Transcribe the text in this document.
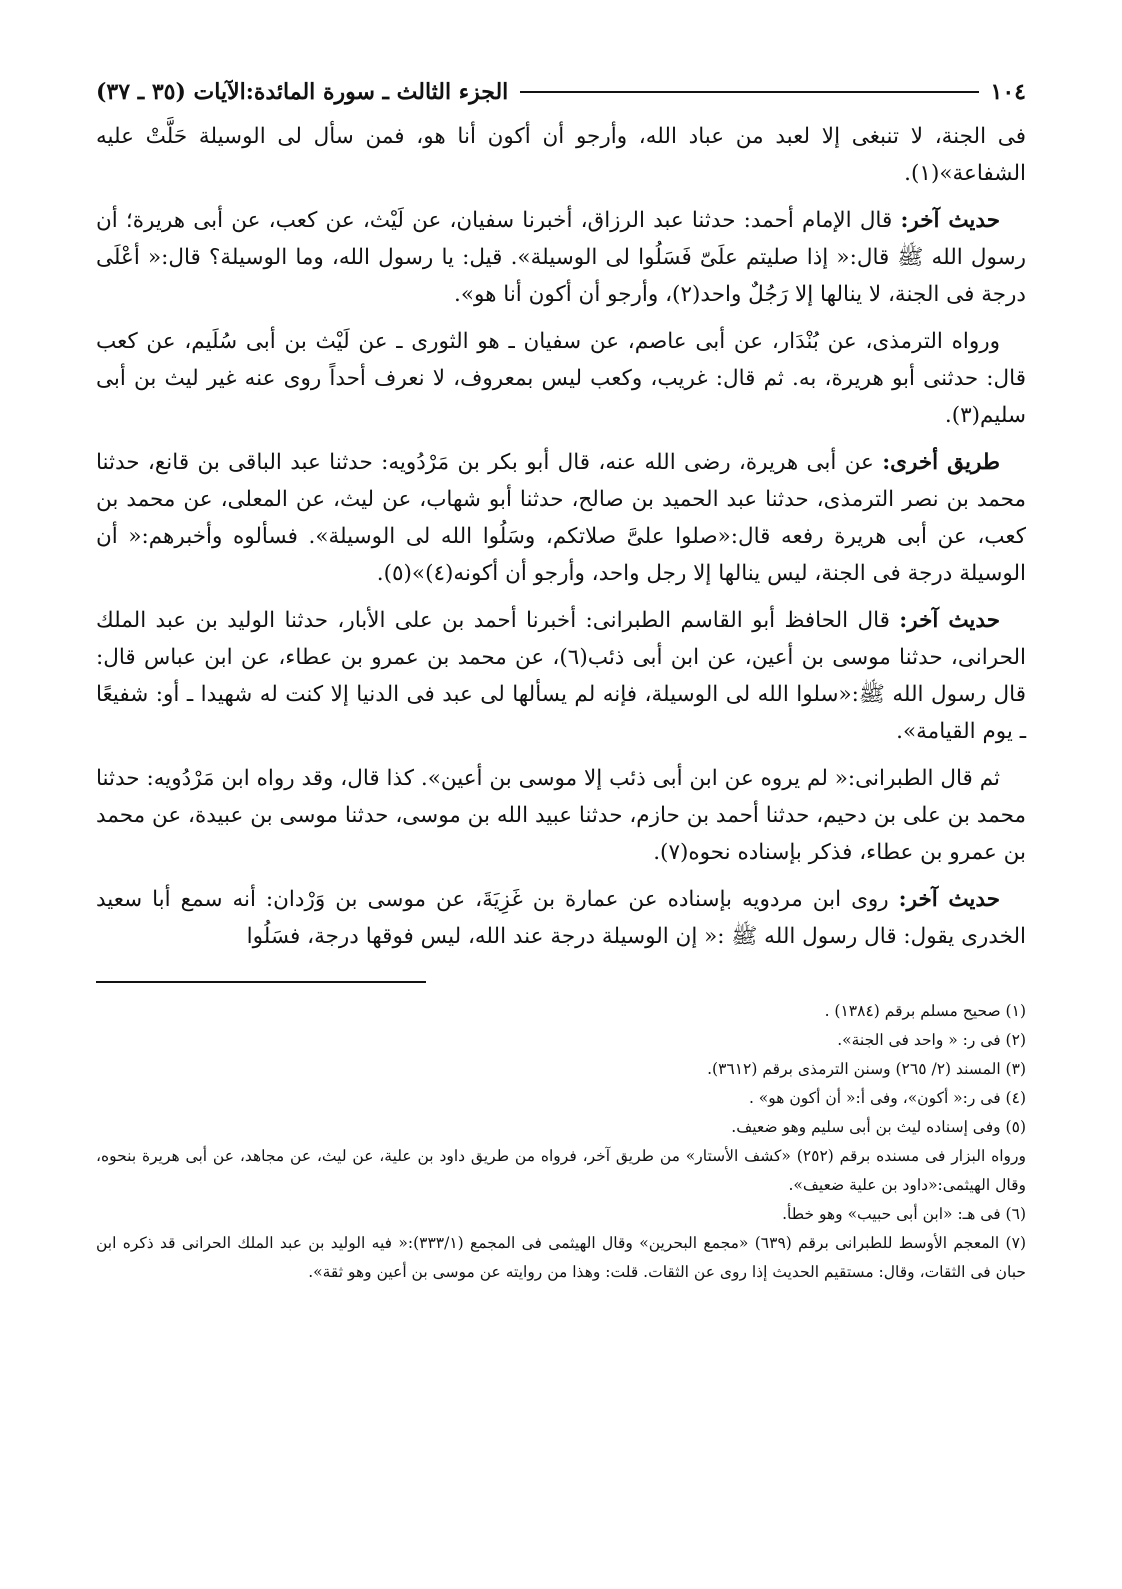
١٠٤
الجزء الثالث ـ سورة المائدة:الآيات (٣٥ ـ ٣٧)

فى الجنة، لا تنبغى إلا لعبد من عباد الله، وأرجو أن أكون أنا هو، فمن سأل لى الوسيلة حَلَّتْ عليه الشفاعة»(١).

حديث آخر: قال الإمام أحمد: حدثنا عبد الرزاق، أخبرنا سفيان، عن لَيْث، عن كعب، عن أبى هريرة؛ أن رسول الله ﷺ قال:« إذا صليتم علَىّ فَسَلُوا لى الوسيلة». قيل: يا رسول الله، وما الوسيلة؟ قال:« أعْلَى درجة فى الجنة، لا ينالها إلا رَجُلٌ واحد(٢)، وأرجو أن أكون أنا هو».

ورواه الترمذى، عن بُنْدَار، عن أبى عاصم، عن سفيان ـ هو الثورى ـ عن لَيْث بن أبى سُلَيم، عن كعب قال: حدثنى أبو هريرة، به. ثم قال: غريب، وكعب ليس بمعروف، لا نعرف أحداً روى عنه غير ليث بن أبى سليم(٣).

طريق أخرى: عن أبى هريرة، رضى الله عنه، قال أبو بكر بن مَرْدُويه: حدثنا عبد الباقى بن قانع، حدثنا محمد بن نصر الترمذى، حدثنا عبد الحميد بن صالح، حدثنا أبو شهاب، عن ليث، عن المعلى، عن محمد بن كعب، عن أبى هريرة رفعه قال:«صلوا علىَّ صلاتكم، وسَلُوا الله لى الوسيلة». فسألوه وأخبرهم:« أن الوسيلة درجة فى الجنة، ليس ينالها إلا رجل واحد، وأرجو أن أكونه(٤)»(٥).

حديث آخر: قال الحافظ أبو القاسم الطبرانى: أخبرنا أحمد بن على الأبار، حدثنا الوليد بن عبد الملك الحرانى، حدثنا موسى بن أعين، عن ابن أبى ذئب(٦)، عن محمد بن عمرو بن عطاء، عن ابن عباس قال: قال رسول الله ﷺ:«سلوا الله لى الوسيلة، فإنه لم يسألها لى عبد فى الدنيا إلا كنت له شهيدا ـ أو: شفيعًا ـ يوم القيامة».

ثم قال الطبرانى:« لم يروه عن ابن أبى ذئب إلا موسى بن أعين». كذا قال، وقد رواه ابن مَرْدُويه: حدثنا محمد بن على بن دحيم، حدثنا أحمد بن حازم، حدثنا عبيد الله بن موسى، حدثنا موسى بن عبيدة، عن محمد بن عمرو بن عطاء، فذكر بإسناده نحوه(٧).

حديث آخر: روى ابن مردويه بإسناده عن عمارة بن غَزِيَةَ، عن موسى بن وَرْدان: أنه سمع أبا سعيد الخدرى يقول: قال رسول الله ﷺ :« إن الوسيلة درجة عند الله، ليس فوقها درجة، فسَلُوا

(١) صحيح مسلم برقم (١٣٨٤) .

(٢) فى ر: « واحد فى الجنة».

(٣) المسند (٢/ ٢٦٥) وسنن الترمذى برقم (٣٦١٢).

(٤) فى ر:« أكون»، وفى أ:« أن أكون هو» .

(٥) وفى إسناده ليث بن أبى سليم وهو ضعيف.

ورواه البزار فى مسنده برقم (٢٥٢) «كشف الأستار» من طريق آخر، فرواه من طريق داود بن علية، عن ليث، عن مجاهد، عن أبى هريرة بنحوه، وقال الهيثمى:«داود بن علية ضعيف».

(٦) فى هـ: «ابن أبى حبيب» وهو خطأ.

(٧) المعجم الأوسط للطبرانى برقم (٦٣٩) «مجمع البحرين» وقال الهيثمى فى المجمع (٣٣٣/١):« فيه الوليد بن عبد الملك الحرانى قد ذكره ابن حبان فى الثقات، وقال: مستقيم الحديث إذا روى عن الثقات. قلت: وهذا من روايته عن موسى بن أعين وهو ثقة».
